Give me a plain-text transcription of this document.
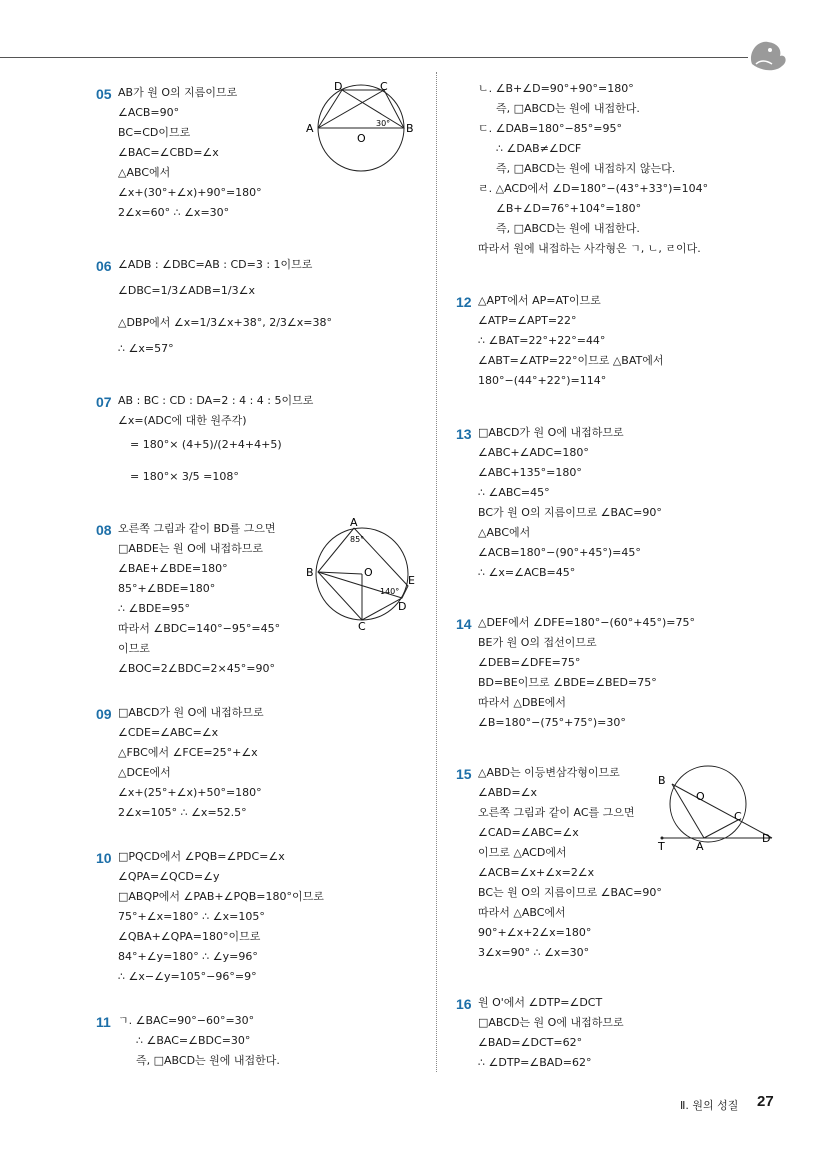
05 AB가 원 O의 지름이므로
∠ACB=90°
BC=CD이므로
∠BAC=∠CBD=∠x
△ABC에서
∠x+(30°+∠x)+90°=180°
2∠x=60° ∴ ∠x=30°
D	C
A	B
O
30°
06 ∠ADB : ∠DBC=AB : CD=3 : 1이므로
∠DBC=1/3∠ADB=1/3∠x
△DBP에서 ∠x=1/3∠x+38°, 2/3∠x=38°
∴ ∠x=57°
07 AB : BC : CD : DA=2 : 4 : 4 : 5이므로
∠x=(ADC에 대한 원주각)
= 180°× (4+5)/(2+4+4+5)
= 180°× 3/5 =108°
08 오른쪽 그림과 같이 BD를 그으면
□ABDE는 원 O에 내접하므로
∠BAE+∠BDE=180°
85°+∠BDE=180°
∴ ∠BDE=95°
따라서 ∠BDC=140°−95°=45°
이므로
∠BOC=2∠BDC=2×45°=90°
A
85°
B	O
E
140°
D
C
09 □ABCD가 원 O에 내접하므로
∠CDE=∠ABC=∠x
△FBC에서 ∠FCE=25°+∠x
△DCE에서
∠x+(25°+∠x)+50°=180°
2∠x=105° ∴ ∠x=52.5°
10 □PQCD에서 ∠PQB=∠PDC=∠x
∠QPA=∠QCD=∠y
□ABQP에서 ∠PAB+∠PQB=180°이므로
75°+∠x=180° ∴ ∠x=105°
∠QBA+∠QPA=180°이므로
84°+∠y=180° ∴ ∠y=96°
∴ ∠x−∠y=105°−96°=9°
11 ㄱ. ∠BAC=90°−60°=30°
∴ ∠BAC=∠BDC=30°
즉, □ABCD는 원에 내접한다.
ㄴ. ∠B+∠D=90°+90°=180°
즉, □ABCD는 원에 내접한다.
ㄷ. ∠DAB=180°−85°=95°
∴ ∠DAB≠∠DCF
즉, □ABCD는 원에 내접하지 않는다.
ㄹ. △ACD에서 ∠D=180°−(43°+33°)=104°
∠B+∠D=76°+104°=180°
즉, □ABCD는 원에 내접한다.
따라서 원에 내접하는 사각형은 ㄱ, ㄴ, ㄹ이다.
12 △APT에서 AP=AT이므로
∠ATP=∠APT=22°
∴ ∠BAT=22°+22°=44°
∠ABT=∠ATP=22°이므로 △BAT에서
180°−(44°+22°)=114°
13 □ABCD가 원 O에 내접하므로
∠ABC+∠ADC=180°
∠ABC+135°=180°
∴ ∠ABC=45°
BC가 원 O의 지름이므로 ∠BAC=90°
△ABC에서
∠ACB=180°−(90°+45°)=45°
∴ ∠x=∠ACB=45°
14 △DEF에서 ∠DFE=180°−(60°+45°)=75°
BE가 원 O의 접선이므로
∠DEB=∠DFE=75°
BD=BE이므로 ∠BDE=∠BED=75°
따라서 △DBE에서
∠B=180°−(75°+75°)=30°
15 △ABD는 이등변삼각형이므로
∠ABD=∠x
오른쪽 그림과 같이 AC를 그으면
∠CAD=∠ABC=∠x
이므로 △ACD에서
∠ACB=∠x+∠x=2∠x
BC는 원 O의 지름이므로 ∠BAC=90°
따라서 △ABC에서
90°+∠x+2∠x=180°
3∠x=90° ∴ ∠x=30°
B
O
C
T	A
D
16 원 O'에서 ∠DTP=∠DCT
□ABCD는 원 O에 내접하므로
∠BAD=∠DCT=62°
∴ ∠DTP=∠BAD=62°
Ⅱ. 원의 성질 27
